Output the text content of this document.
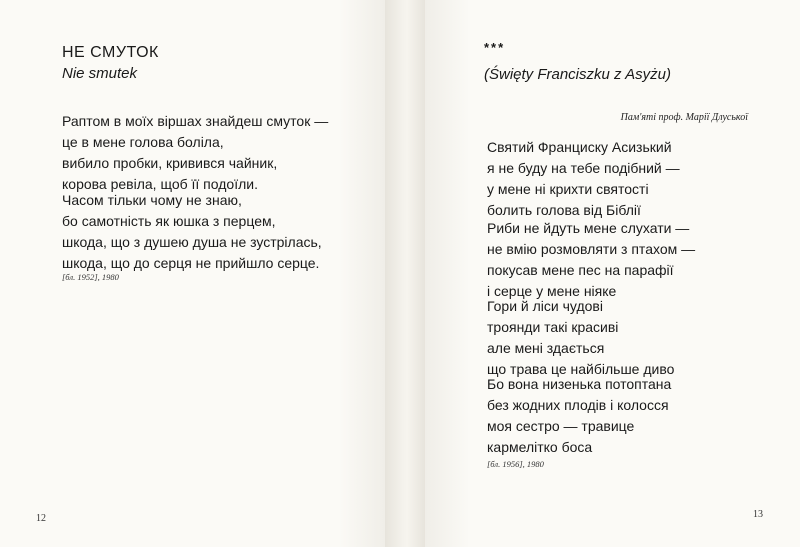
НЕ СМУТОК
Nie smutek
Раптом в моїх віршах знайдеш смуток —
це в мене голова боліла,
вибило пробки, кривився чайник,
корова ревіла, щоб її подоїли.
Часом тільки чому не знаю,
бо самотність як юшка з перцем,
шкода, що з душею душа не зустрілась,
шкода, що до серця не прийшло серце.
[бл. 1952], 1980
12
***
(Święty Franciszku z Asyżu)
Пам'яті проф. Марії Длуської
Святий Франциску Асизький
я не буду на тебе подібний —
у мене ні крихти святості
болить голова від Біблії
Риби не йдуть мене слухати —
не вмію розмовляти з птахом —
покусав мене пес на парафії
і серце у мене ніяке
Гори й ліси чудові
троянди такі красиві
але мені здається
що трава це найбільше диво
Бо вона низенька потоптана
без жодних плодів і колосся
моя сестро — травице
кармелітко боса
[бл. 1956], 1980
13
